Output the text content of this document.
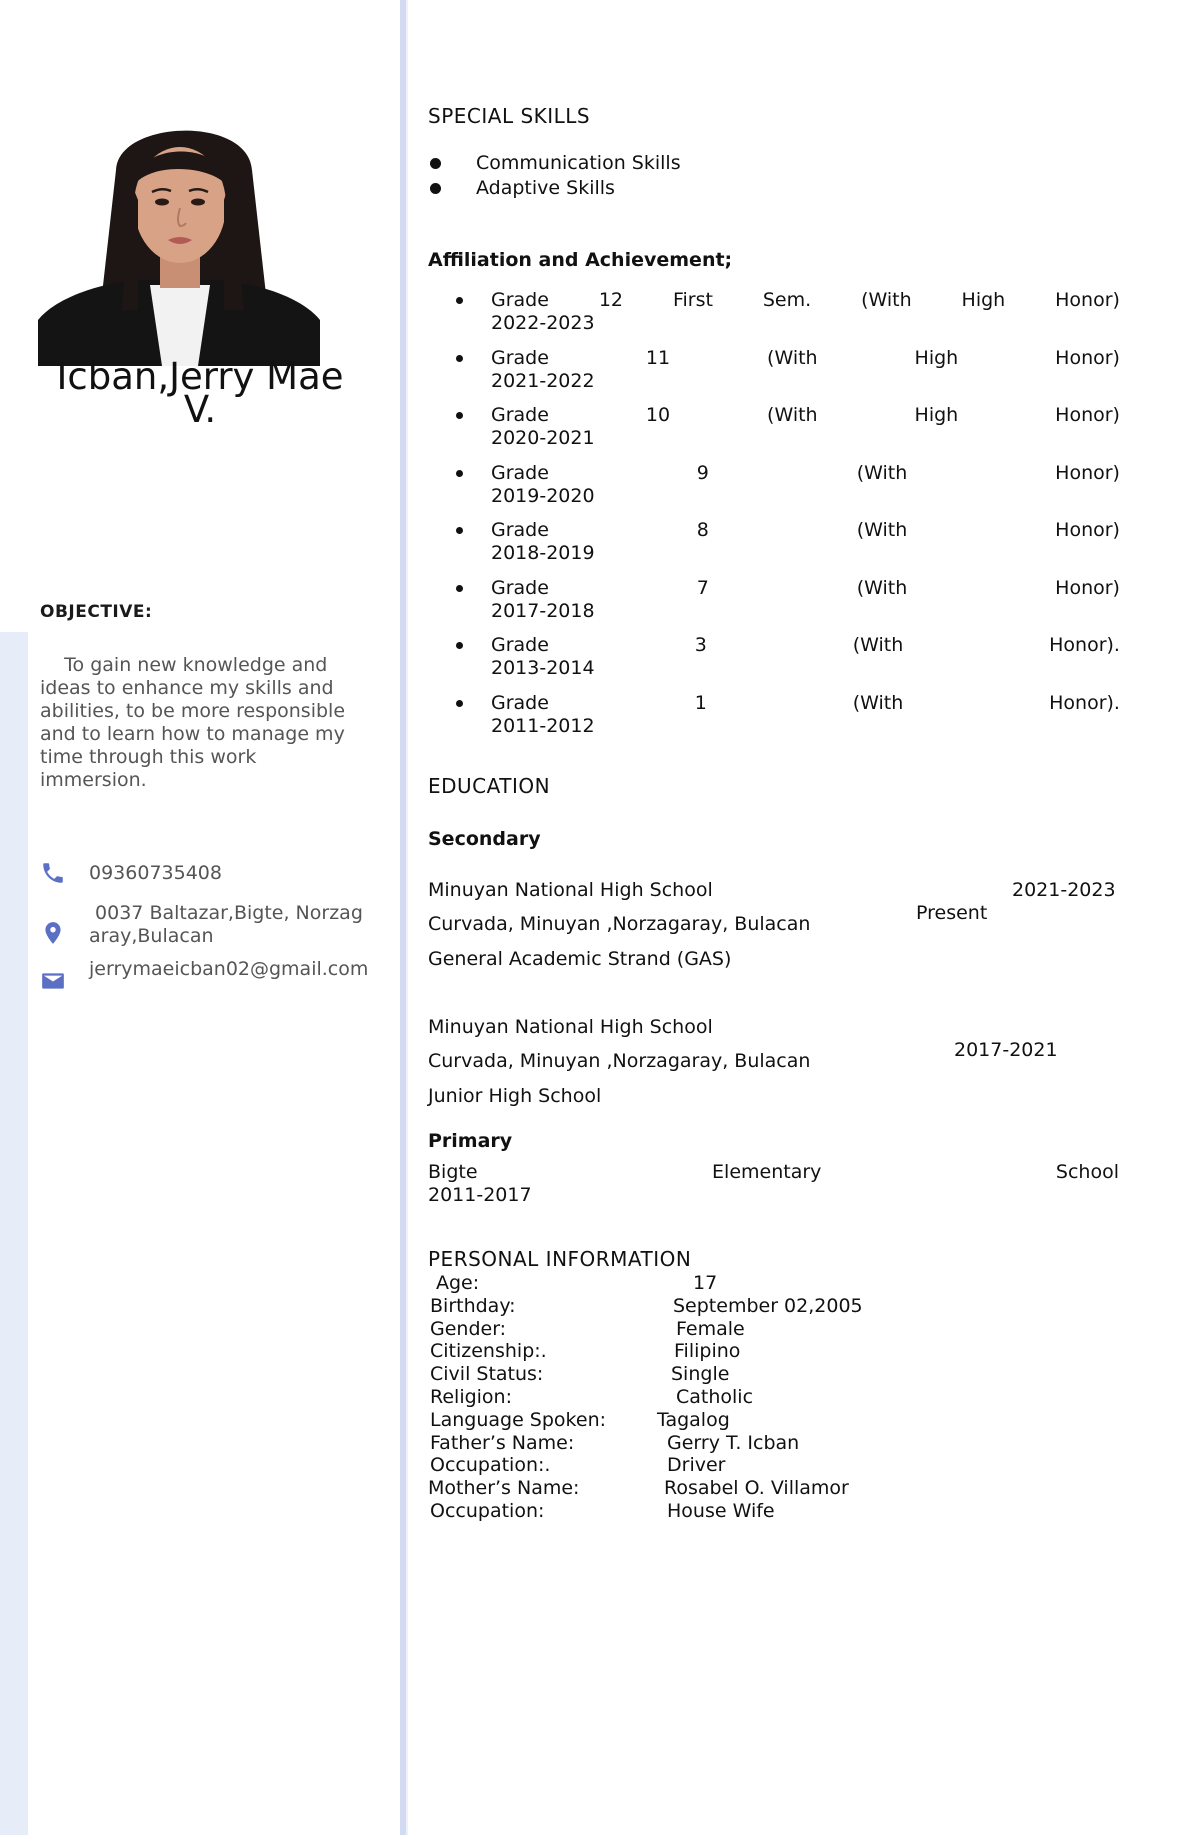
Icban,Jerry Mae V.
OBJECTIVE:
To gain new knowledge and ideas to enhance my skills and abilities, to be more responsible and to learn how to manage my time through this work immersion.
09360735408
0037 Baltazar,Bigte, Norzagaray,Bulacan
jerrymaeicban02@gmail.com
SPECIAL SKILLS
Communication Skills
Adaptive Skills
Affiliation and Achievement;
Grade	12	First	Sem.	(With	High	Honor)
2022-2023
Grade	11	(With	High	Honor)
2021-2022
Grade	10	(With	High	Honor)
2020-2021
Grade	9	(With	Honor)
2019-2020
Grade	8	(With	Honor)
2018-2019
Grade	7	(With	Honor)
2017-2018
Grade	3	(With	Honor).
2013-2014
Grade	1	(With	Honor).
2011-2012
EDUCATION
Secondary
Minuyan National High School
Curvada, Minuyan ,Norzagaray, Bulacan
General Academic Strand (GAS)
2021-2023
Present
Minuyan National High School
Curvada, Minuyan ,Norzagaray, Bulacan
Junior High School
2017-2021
Primary
Bigte	Elementary	School
2011-2017
PERSONAL INFORMATION
Age:	17
Birthday:	September 02,2005
Gender:	Female
Citizenship:.	Filipino
Civil Status:	Single
Religion:	Catholic
Language Spoken:	Tagalog
Father’s Name:	Gerry T. Icban
Occupation:.	Driver
Mother’s Name:	Rosabel O. Villamor
Occupation:	House Wife
